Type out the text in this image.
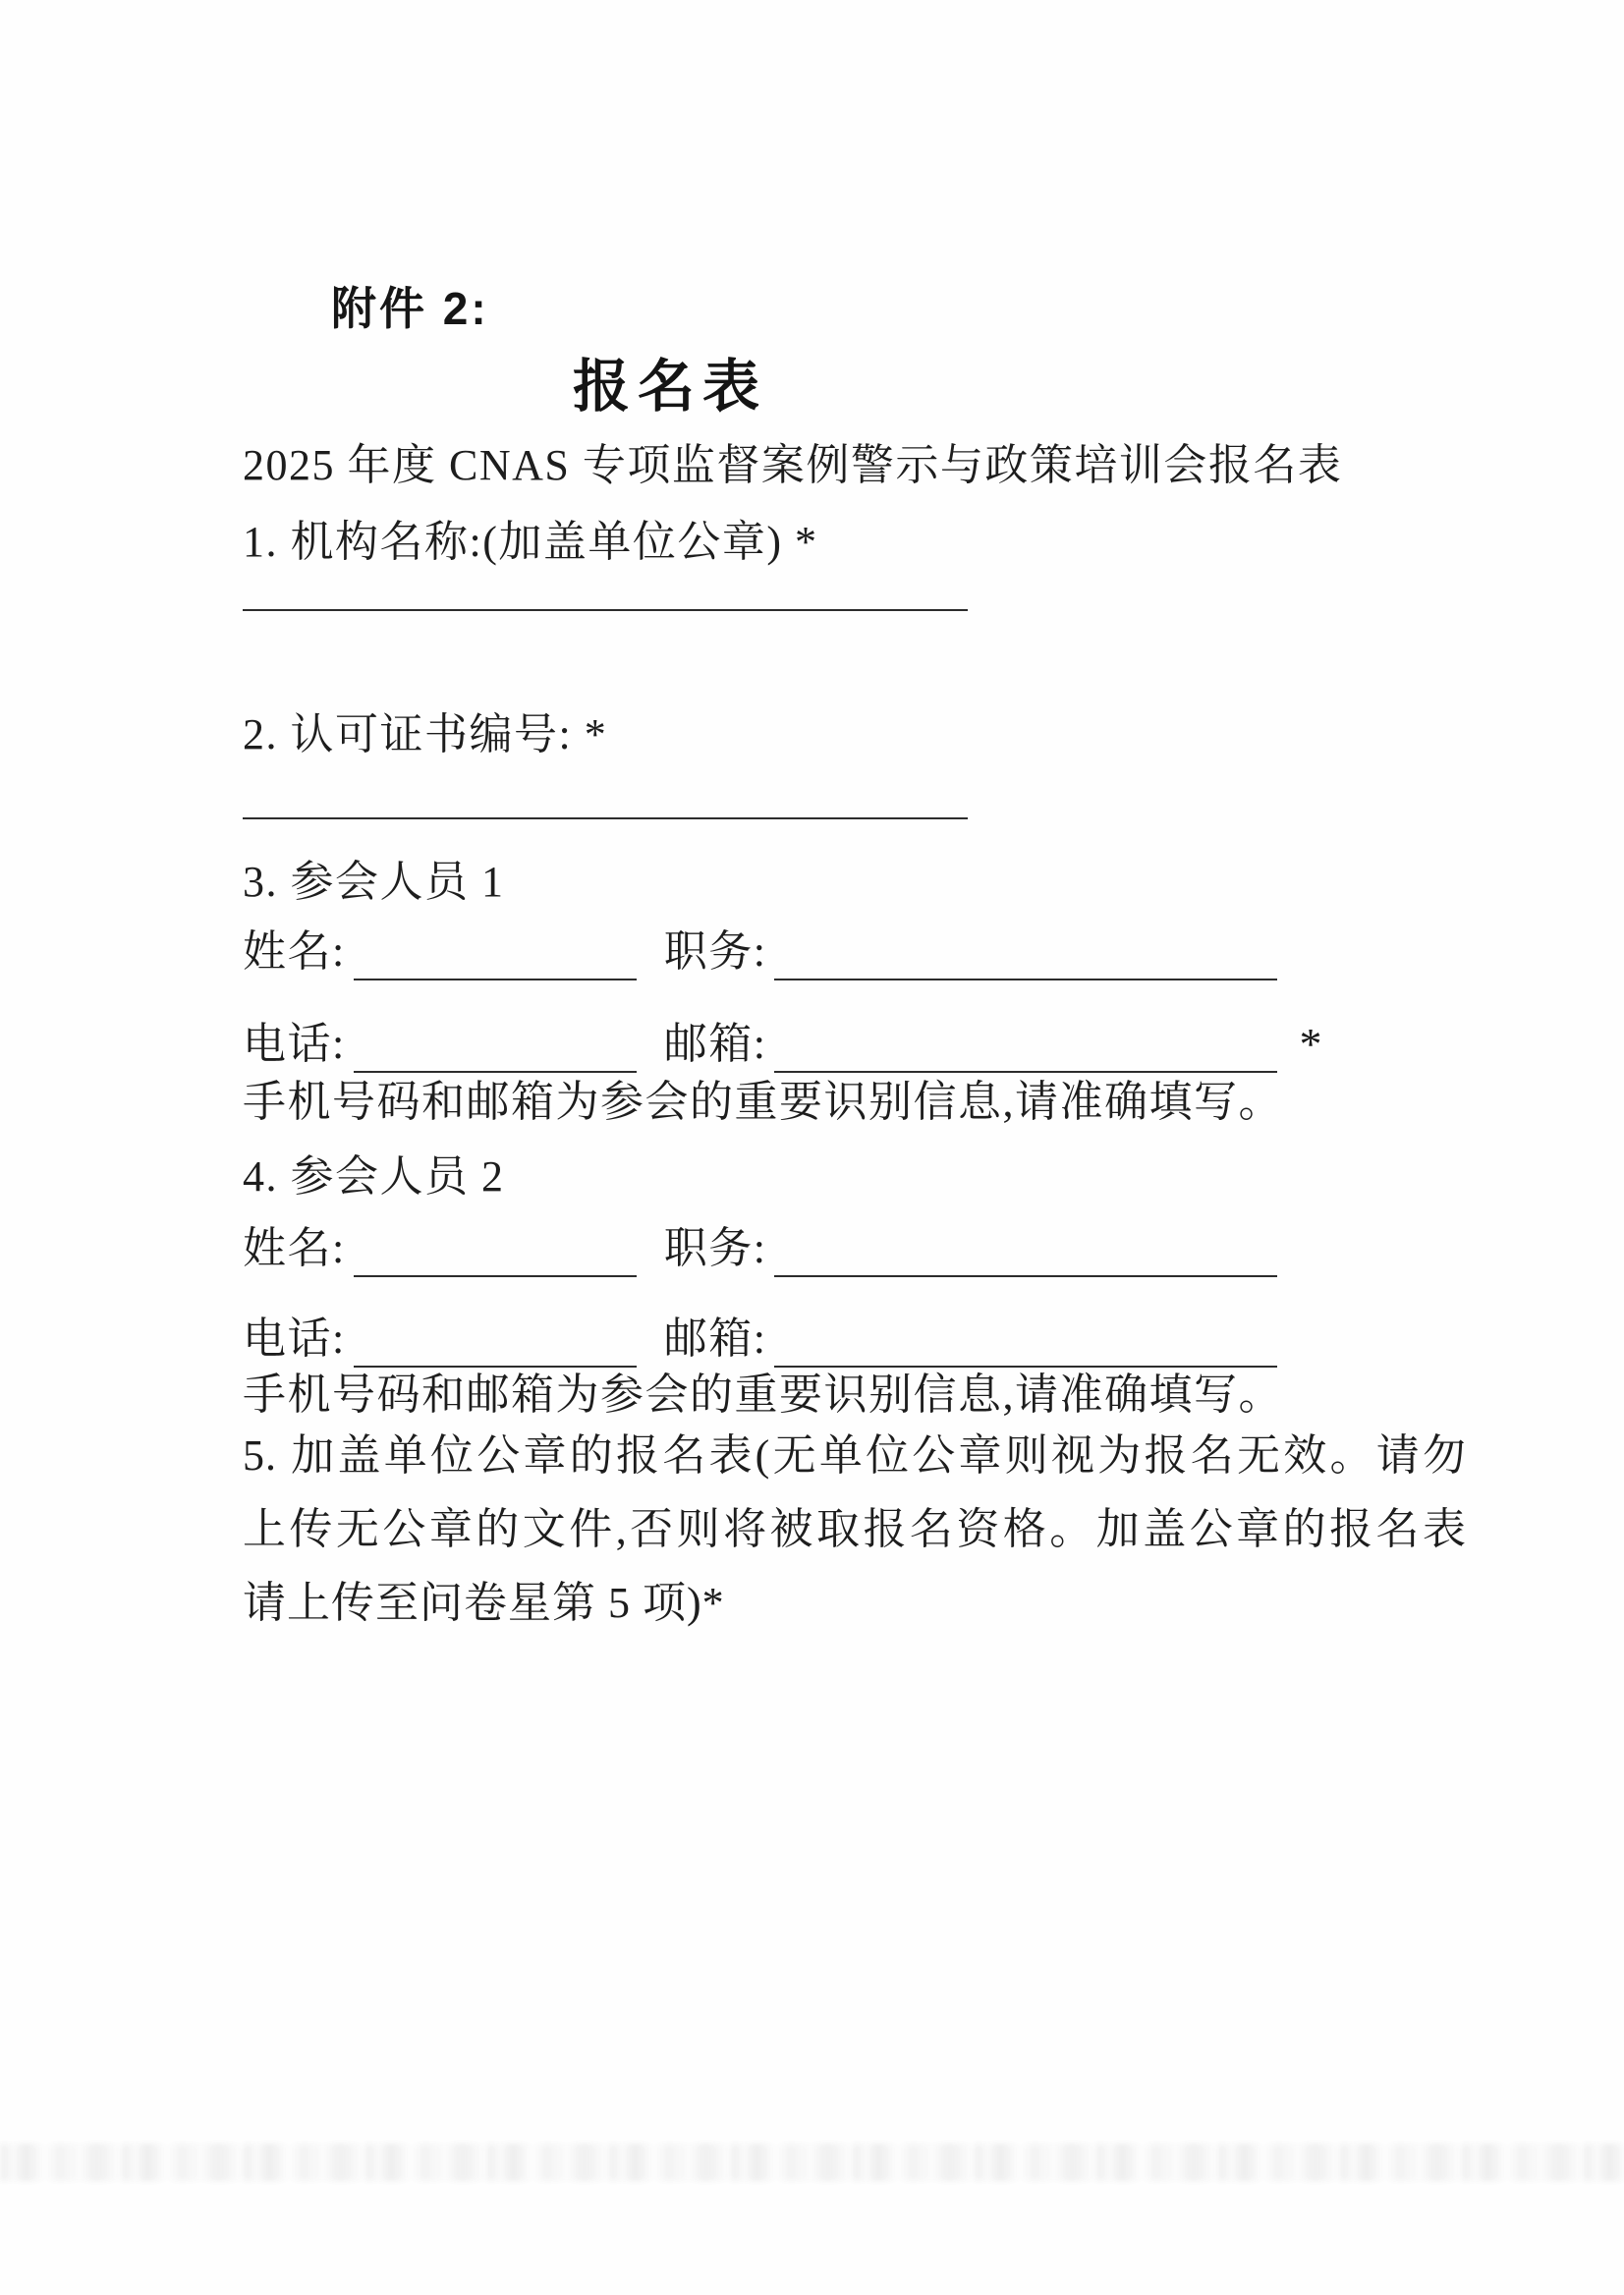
附件 2:
报名表
2025 年度 CNAS 专项监督案例警示与政策培训会报名表
1. 机构名称:(加盖单位公章) *
2. 认可证书编号: *
3. 参会人员 1
姓名:	职务:
电话:	邮箱:	*
手机号码和邮箱为参会的重要识别信息,请准确填写。
4. 参会人员 2
姓名:	职务:
电话:	邮箱:
手机号码和邮箱为参会的重要识别信息,请准确填写。
5. 加盖单位公章的报名表(无单位公章则视为报名无效。请勿
上传无公章的文件,否则将被取报名资格。加盖公章的报名表
请上传至问卷星第 5 项)*
